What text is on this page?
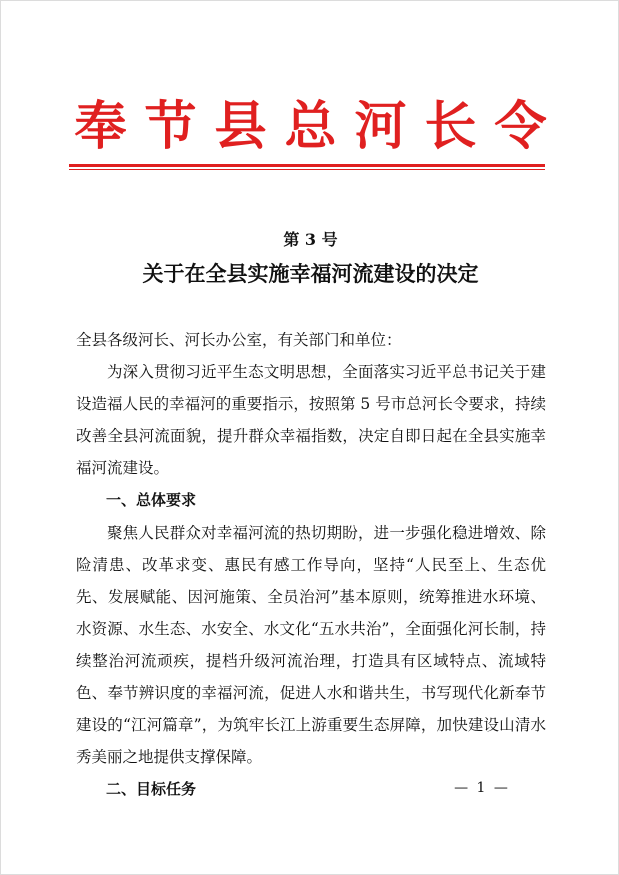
奉节县总河长令
第 3 号
关于在全县实施幸福河流建设的决定

全县各级河长、河长办公室，有关部门和单位：

为深入贯彻习近平生态文明思想，全面落实习近平总书记关于建设造福人民的幸福河的重要指示，按照第 5 号市总河长令要求，持续改善全县河流面貌，提升群众幸福指数，决定自即日起在全县实施幸福河流建设。

一、总体要求

聚焦人民群众对幸福河流的热切期盼，进一步强化稳进增效、除险清患、改革求变、惠民有感工作导向，坚持“人民至上、生态优先、发展赋能、因河施策、全员治河”基本原则，统筹推进水环境、水资源、水生态、水安全、水文化“五水共治”，全面强化河长制，持续整治河流顽疾，提档升级河流治理，打造具有区域特点、流域特色、奉节辨识度的幸福河流，促进人水和谐共生，书写现代化新奉节建设的“江河篇章”，为筑牢长江上游重要生态屏障，加快建设山清水秀美丽之地提供支撑保障。

二、目标任务	— 1 —
